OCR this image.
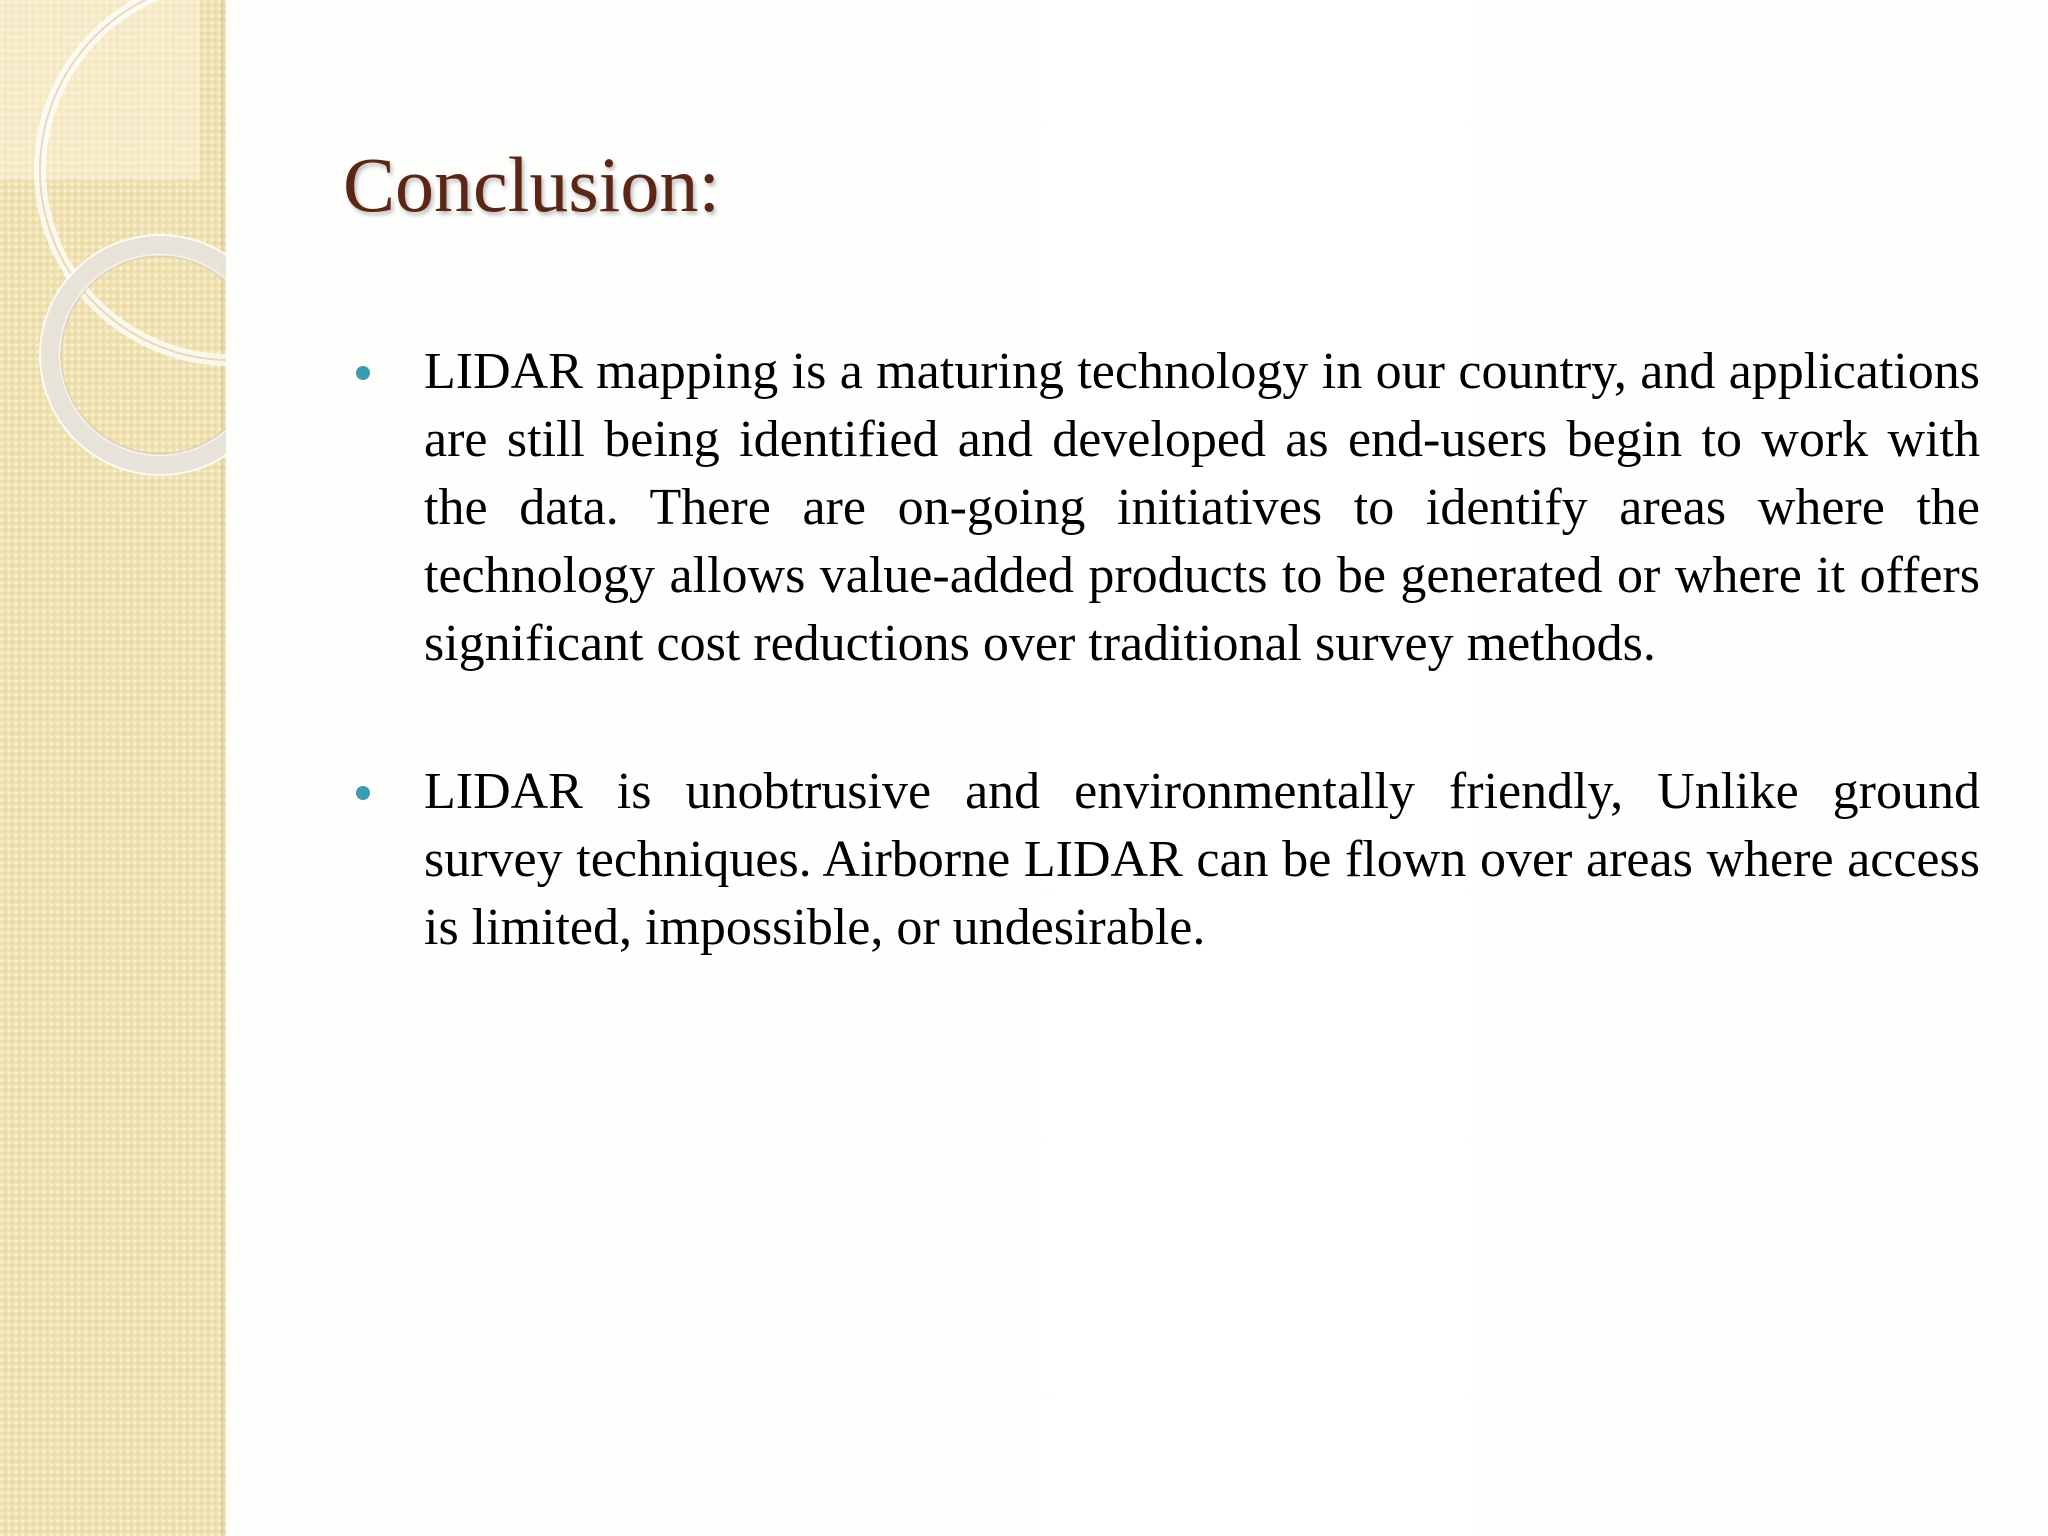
Conclusion:
LIDAR mapping is a maturing technology in our country, and applications are still being identified and developed as end-users begin to work with the data. There are on-going initiatives to identify areas where the technology allows value-added products to be generated or where it offers significant cost reductions over traditional survey methods.
LIDAR is unobtrusive and environmentally friendly, Unlike ground survey techniques. Airborne LIDAR can be flown over areas where access is limited, impossible, or undesirable.
